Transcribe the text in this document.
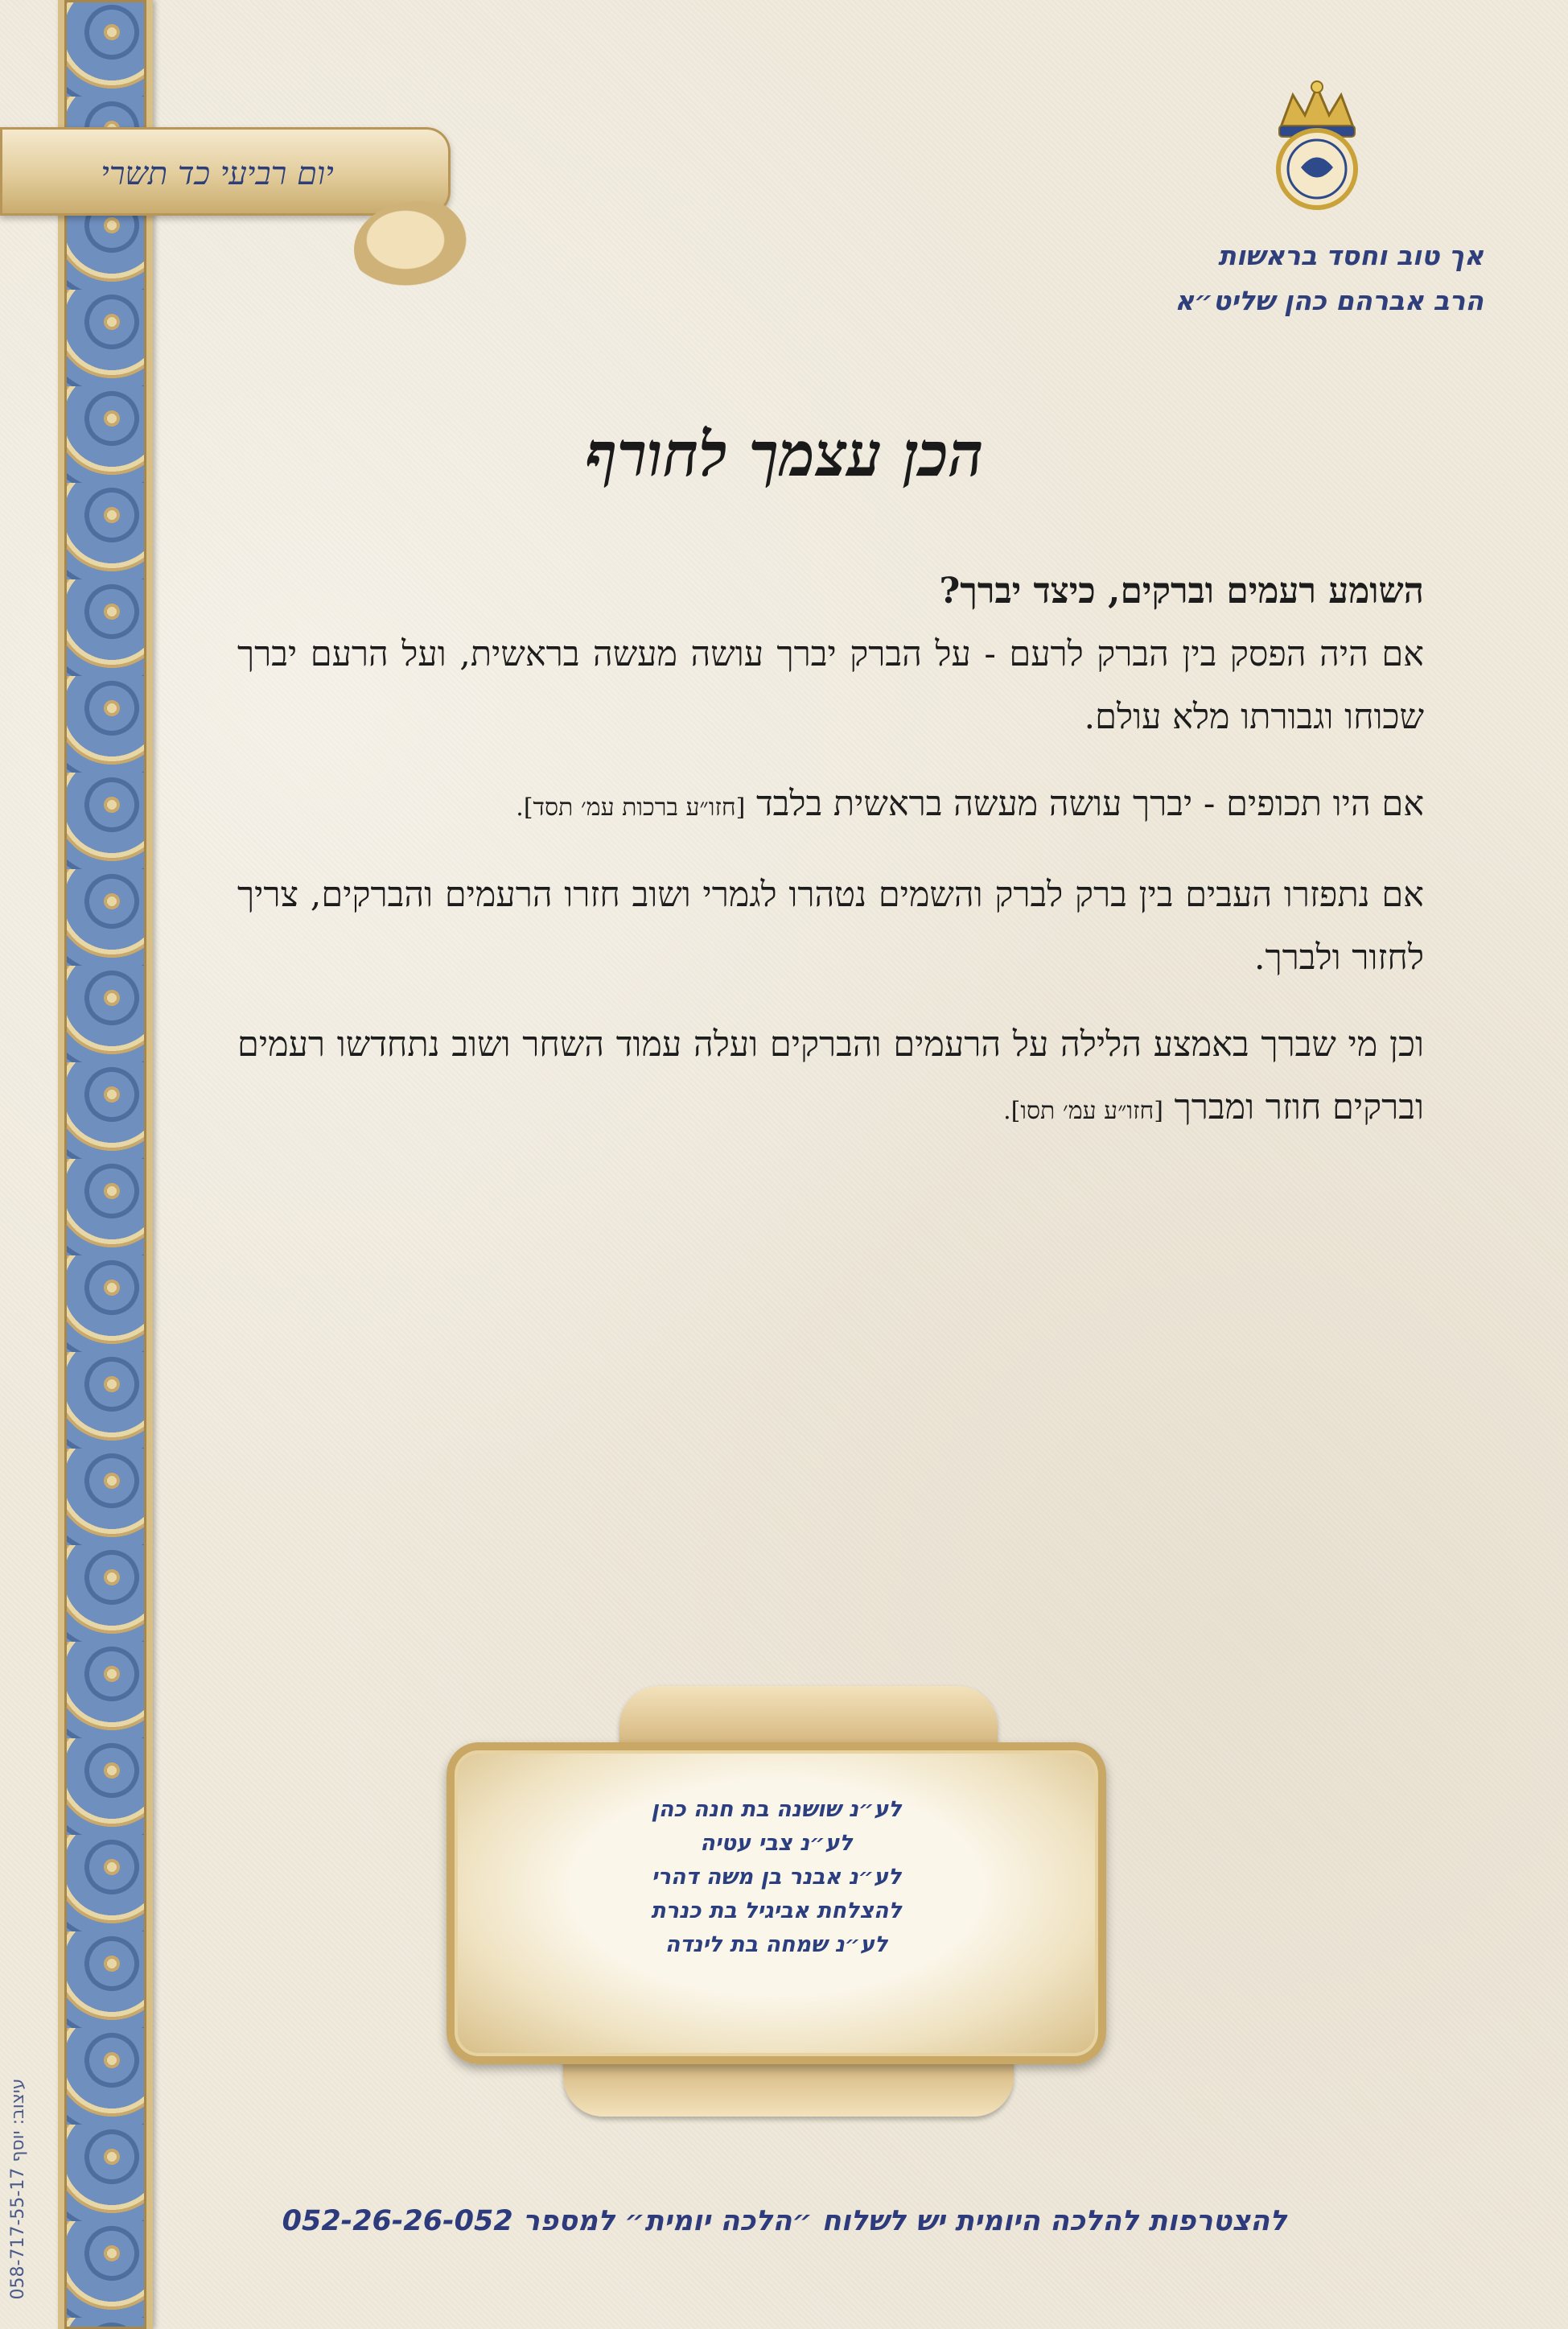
יום רביעי כד תשרי
אך טוב וחסד בראשות
הרב אברהם כהן שליט״א
הכן עצמך לחורף

השומע רעמים וברקים, כיצד יברך?

אם היה הפסק בין הברק לרעם - על הברק יברך עושה מעשה בראשית, ועל הרעם יברך שכוחו וגבורתו מלא עולם.

אם היו תכופים - יברך עושה מעשה בראשית בלבד [חזו״ע ברכות עמ׳ תסד].

אם נתפזרו העבים בין ברק לברק והשמים נטהרו לגמרי ושוב חזרו הרעמים והברקים, צריך לחזור ולברך.

וכן מי שברך באמצע הלילה על הרעמים והברקים ועלה עמוד השחר ושוב נתחדשו רעמים וברקים חוזר ומברך [חזו״ע עמ׳ תסו].

לע״נ שושנה בת חנה כהן
לע״נ צבי עטיה
לע״נ אבנר בן משה דהרי
להצלחת אביגיל בת כנרת
לע״נ שמחה בת לינדה
להצטרפות להלכה היומית יש לשלוח ״הלכה יומית״ למספר 052-26-26-052
עיצוב: יוסף 058-717-55-17
